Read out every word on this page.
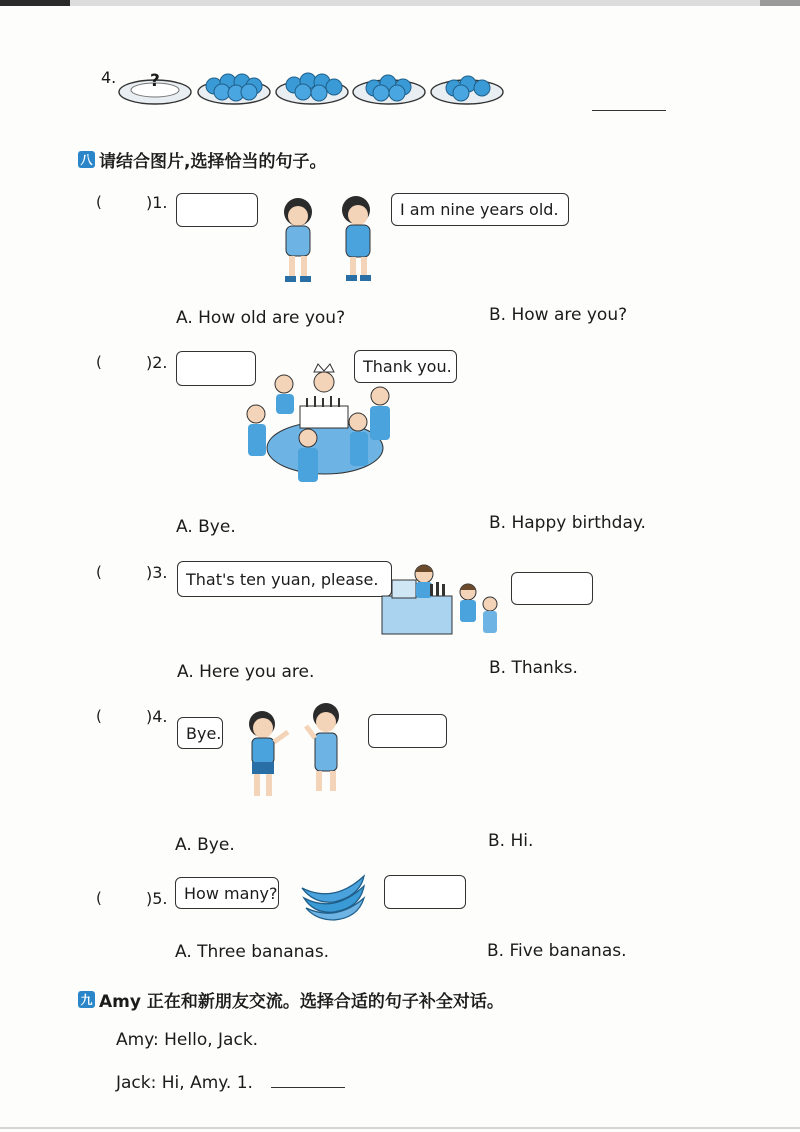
4. ?
八 请结合图片,选择恰当的句子。
(	)1.	I am nine years old.
A. How old are you?	B. How are you?
(	)2.	Thank you.
A. Bye.	B. Happy birthday.
(	)3. That's ten yuan, please.
A. Here you are.	B. Thanks.
(	)4.
Bye.
A. Bye.	B. Hi.
(	)5. How many?
A. Three bananas.	B. Five bananas.
九 Amy 正在和新朋友交流。选择合适的句子补全对话。
Amy: Hello, Jack.
Jack: Hi, Amy. 1.
